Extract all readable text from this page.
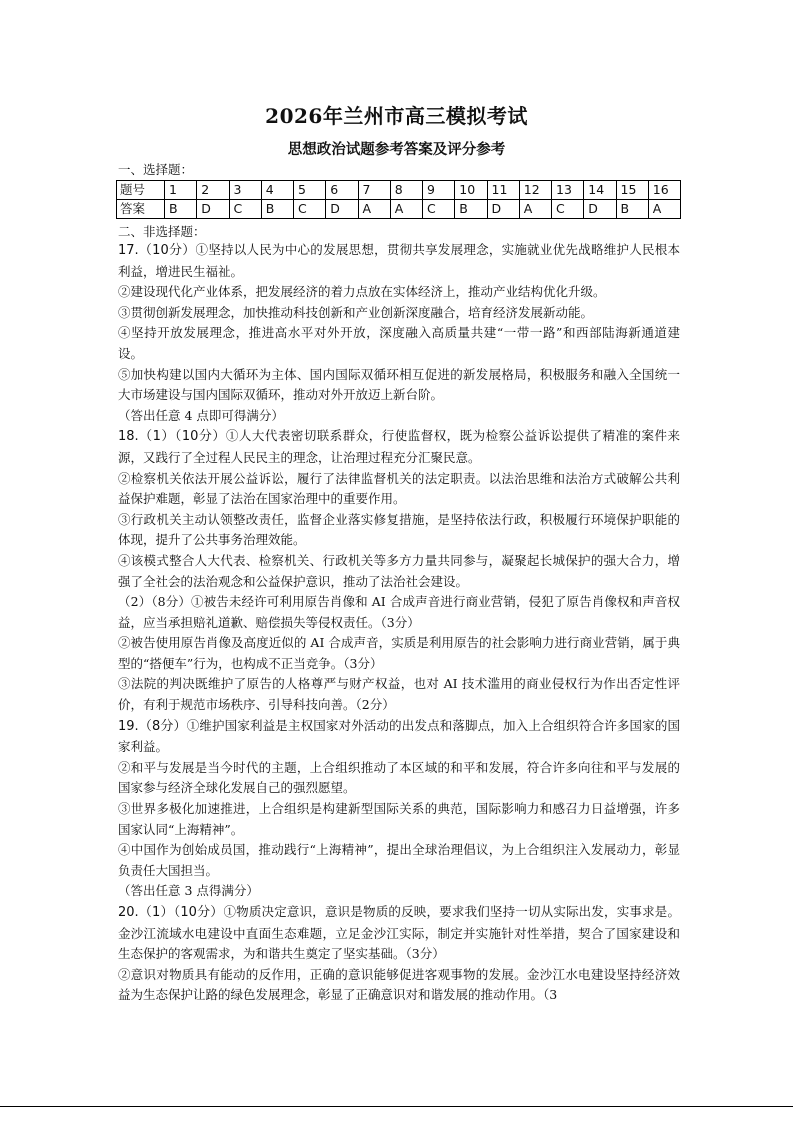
2026年兰州市高三模拟考试
思想政治试题参考答案及评分参考
一、选择题：
题号	1	2	3	4	5	6	7	8	9	10	11	12	13	14	15	16
答案	B	D	C	B	C	D	A	A	C	B	D	A	C	D	B	A
二、非选择题：

17.（10分）①坚持以人民为中心的发展思想，贯彻共享发展理念，实施就业优先战略维护人民根本利益，增进民生福祉。

②建设现代化产业体系，把发展经济的着力点放在实体经济上，推动产业结构优化升级。

③贯彻创新发展理念，加快推动科技创新和产业创新深度融合，培育经济发展新动能。

④坚持开放发展理念，推进高水平对外开放，深度融入高质量共建“一带一路”和西部陆海新通道建设。

⑤加快构建以国内大循环为主体、国内国际双循环相互促进的新发展格局，积极服务和融入全国统一大市场建设与国内国际双循环，推动对外开放迈上新台阶。

（答出任意 4 点即可得满分）

18.（1）（10分）①人大代表密切联系群众，行使监督权，既为检察公益诉讼提供了精准的案件来源，又践行了全过程人民民主的理念，让治理过程充分汇聚民意。

②检察机关依法开展公益诉讼，履行了法律监督机关的法定职责。以法治思维和法治方式破解公共利益保护难题，彰显了法治在国家治理中的重要作用。

③行政机关主动认领整改责任，监督企业落实修复措施，是坚持依法行政，积极履行环境保护职能的体现，提升了公共事务治理效能。

④该模式整合人大代表、检察机关、行政机关等多方力量共同参与，凝聚起长城保护的强大合力，增强了全社会的法治观念和公益保护意识，推动了法治社会建设。

（2）（8分）①被告未经许可利用原告肖像和 AI 合成声音进行商业营销，侵犯了原告肖像权和声音权益，应当承担赔礼道歉、赔偿损失等侵权责任。（3分）

②被告使用原告肖像及高度近似的 AI 合成声音，实质是利用原告的社会影响力进行商业营销，属于典型的“搭便车”行为，也构成不正当竞争。（3分）

③法院的判决既维护了原告的人格尊严与财产权益，也对 AI 技术滥用的商业侵权行为作出否定性评价，有利于规范市场秩序、引导科技向善。（2分）

19.（8分）①维护国家利益是主权国家对外活动的出发点和落脚点，加入上合组织符合许多国家的国家利益。

②和平与发展是当今时代的主题，上合组织推动了本区域的和平和发展，符合许多向往和平与发展的国家参与经济全球化发展自己的强烈愿望。

③世界多极化加速推进，上合组织是构建新型国际关系的典范，国际影响力和感召力日益增强，许多国家认同“上海精神”。

④中国作为创始成员国，推动践行“上海精神”，提出全球治理倡议，为上合组织注入发展动力，彰显负责任大国担当。

（答出任意 3 点得满分）

20.（1）（10分）①物质决定意识，意识是物质的反映，要求我们坚持一切从实际出发，实事求是。金沙江流域水电建设中直面生态难题，立足金沙江实际，制定并实施针对性举措，契合了国家建设和生态保护的客观需求，为和谐共生奠定了坚实基础。（3分）

②意识对物质具有能动的反作用，正确的意识能够促进客观事物的发展。金沙江水电建设坚持经济效益为生态保护让路的绿色发展理念，彰显了正确意识对和谐发展的推动作用。（3
